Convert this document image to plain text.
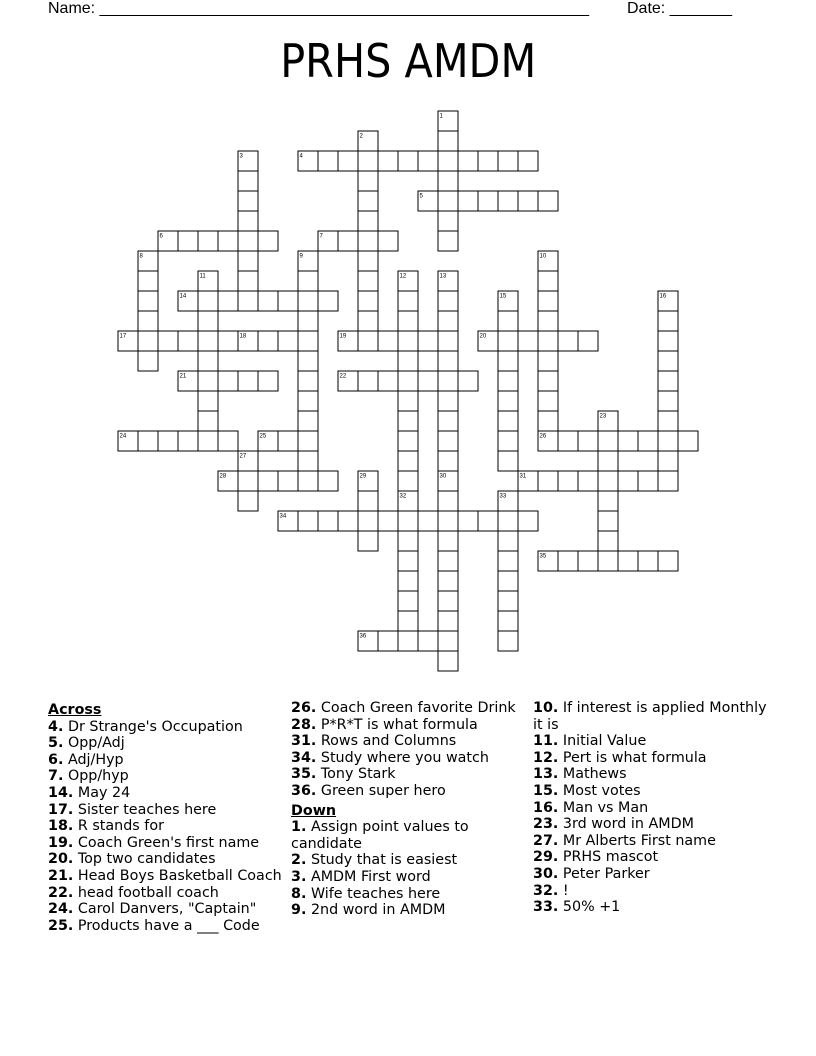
Name: _______________________________________________________ Date: _______
PRHS AMDM
4
5
6	7
14
17	18	19	20
21	22
24	25	26
28	31
34
35
36
1
2
3
8	9	10
11	12	13
15	16
23
27
29	30
32	33
Across
4. Dr Strange's Occupation
5. Opp/Adj
6. Adj/Hyp
7. Opp/hyp
14. May 24
17. Sister teaches here
18. R stands for
19. Coach Green's first name
20. Top two candidates
21. Head Boys Basketball Coach
22. head football coach
24. Carol Danvers, "Captain"
25. Products have a ___ Code
26. Coach Green favorite Drink
28. P*R*T is what formula
31. Rows and Columns
34. Study where you watch
35. Tony Stark
36. Green super hero
Down
1. Assign point values to candidate
2. Study that is easiest
3. AMDM First word
8. Wife teaches here
9. 2nd word in AMDM
10. If interest is applied Monthly it is
11. Initial Value
12. Pert is what formula
13. Mathews
15. Most votes
16. Man vs Man
23. 3rd word in AMDM
27. Mr Alberts First name
29. PRHS mascot
30. Peter Parker
32. !
33. 50% +1
